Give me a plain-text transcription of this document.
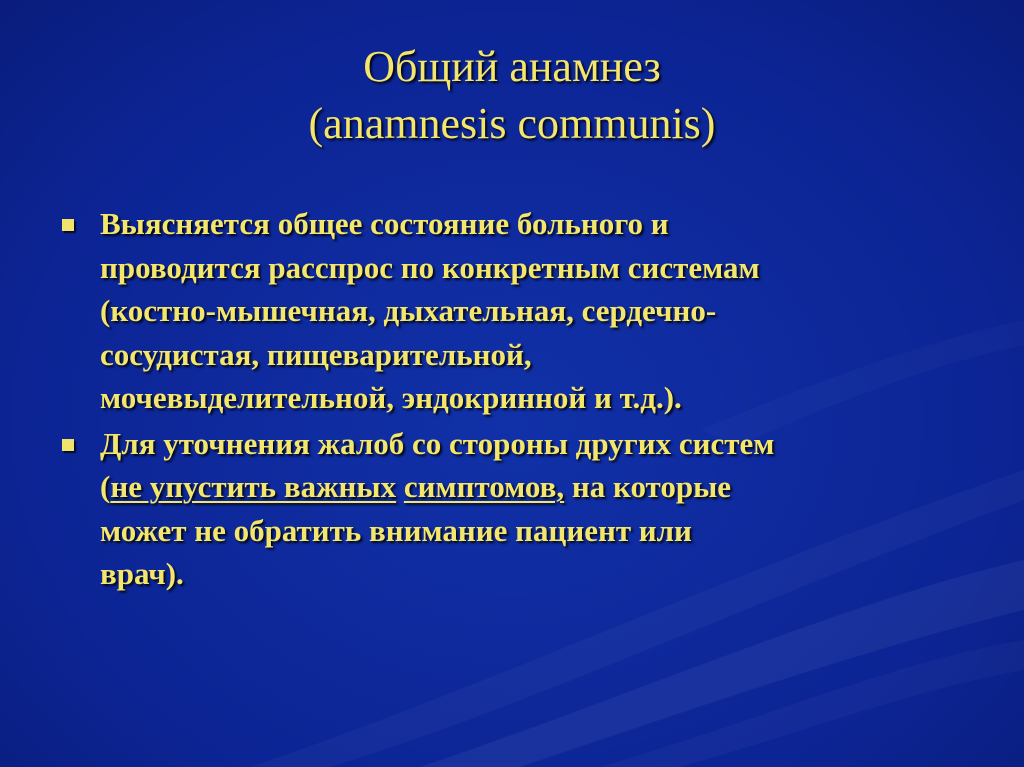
Общий анамнез
(anamnesis communis)
Выясняется общее состояние больного и
проводится расспрос по конкретным системам
(костно-мышечная, дыхательная, сердечно-
сосудистая, пищеварительной,
мочевыделительной, эндокринной и т.д.).
Для уточнения жалоб со стороны других систем
(не упустить важных симптомов, на которые
может не обратить внимание пациент или
врач).
